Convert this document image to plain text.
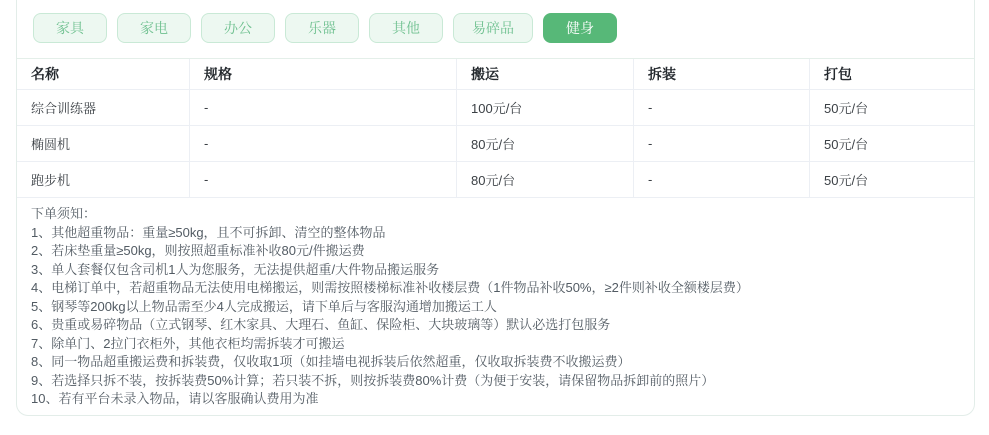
家具	家电	办公	乐器	其他	易碎品	健身
名称	规格	搬运	拆装	打包
综合训练器	-	100元/台	-	50元/台
椭圆机	-	80元/台	-	50元/台
跑步机	-	80元/台	-	50元/台
下单须知：
1、其他超重物品：重量≥50kg，且不可拆卸、清空的整体物品
2、若床垫重量≥50kg，则按照超重标准补收80元/件搬运费
3、单人套餐仅包含司机1人为您服务，无法提供超重/大件物品搬运服务
4、电梯订单中，若超重物品无法使用电梯搬运，则需按照楼梯标准补收楼层费（1件物品补收50%，≥2件则补收全额楼层费）
5、钢琴等200kg以上物品需至少4人完成搬运，请下单后与客服沟通增加搬运工人
6、贵重或易碎物品（立式钢琴、红木家具、大理石、鱼缸、保险柜、大块玻璃等）默认必选打包服务
7、除单门、2拉门衣柜外，其他衣柜均需拆装才可搬运
8、同一物品超重搬运费和拆装费，仅收取1项（如挂墙电视拆装后依然超重，仅收取拆装费不收搬运费）
9、若选择只拆不装，按拆装费50%计算；若只装不拆，则按拆装费80%计费（为便于安装，请保留物品拆卸前的照片）
10、若有平台未录入物品，请以客服确认费用为准
